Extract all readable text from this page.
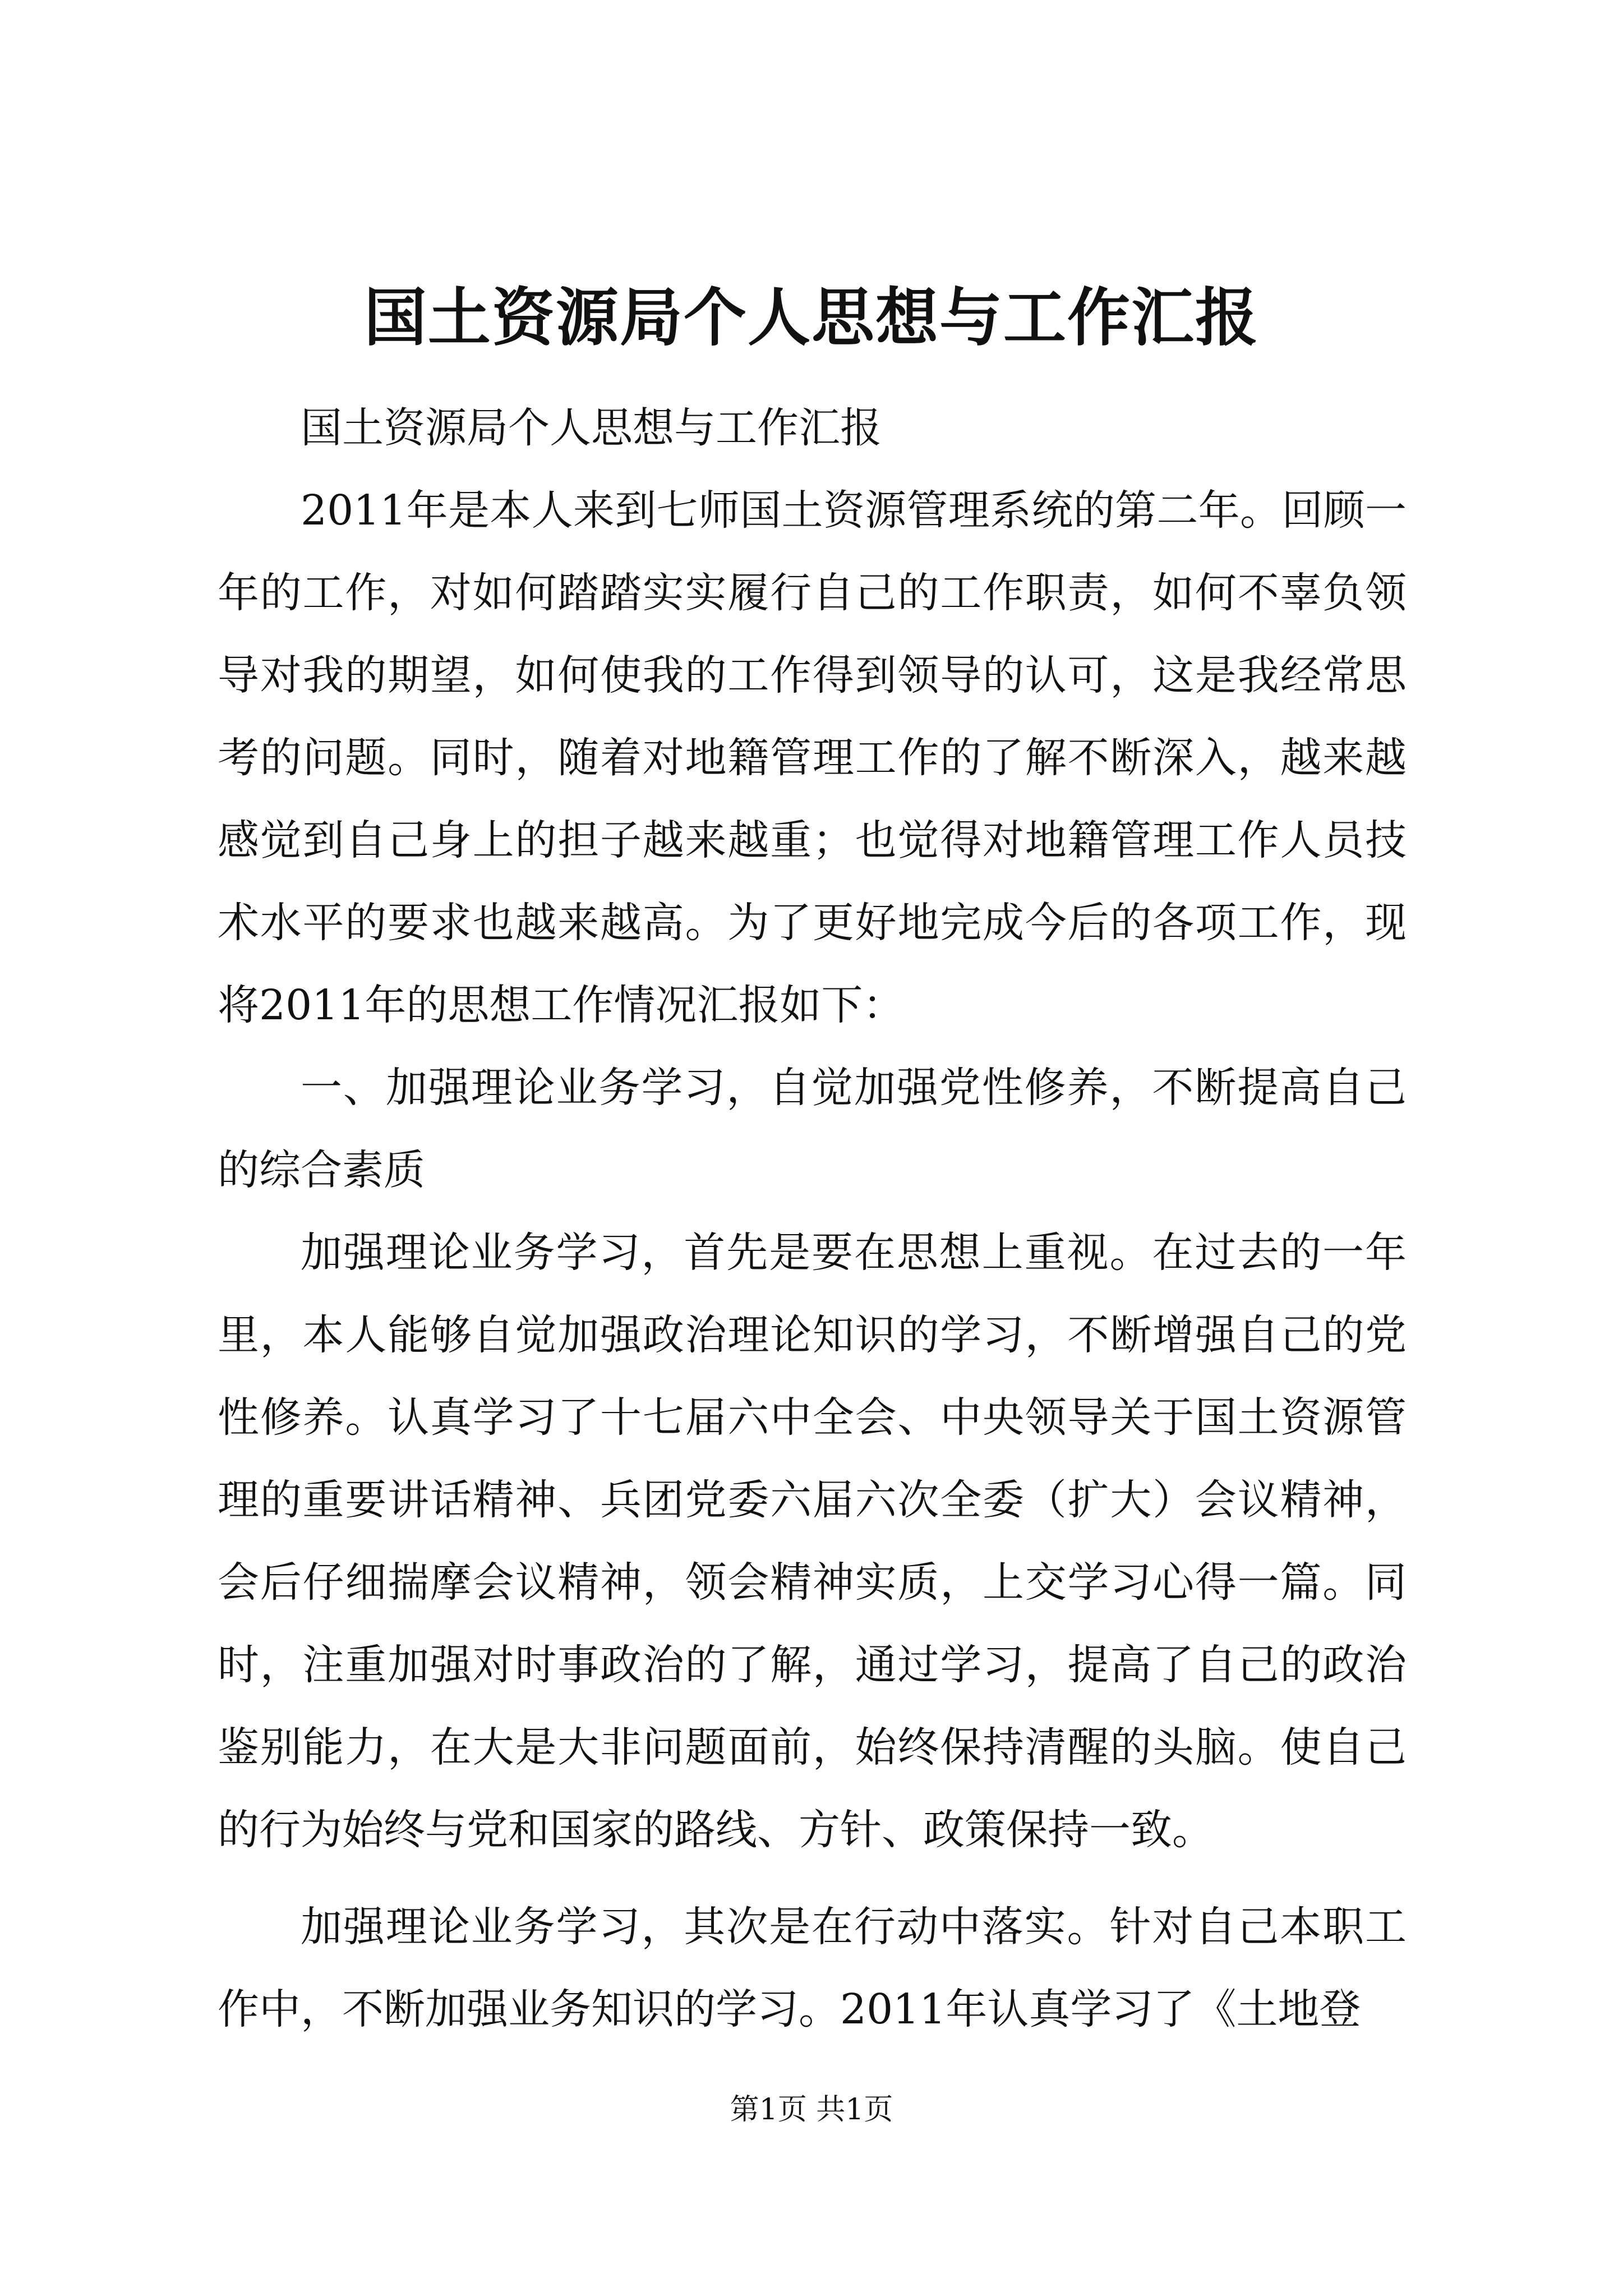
国土资源局个人思想与工作汇报

国土资源局个人思想与工作汇报

2011年是本人来到七师国土资源管理系统的第二年。回顾一年的工作，对如何踏踏实实履行自己的工作职责，如何不辜负领导对我的期望，如何使我的工作得到领导的认可，这是我经常思考的问题。同时，随着对地籍管理工作的了解不断深入，越来越感觉到自己身上的担子越来越重；也觉得对地籍管理工作人员技术水平的要求也越来越高。为了更好地完成今后的各项工作，现将2011年的思想工作情况汇报如下：

一、加强理论业务学习，自觉加强党性修养，不断提高自己的综合素质

加强理论业务学习，首先是要在思想上重视。在过去的一年里，本人能够自觉加强政治理论知识的学习，不断增强自己的党性修养。认真学习了十七届六中全会、中央领导关于国土资源管理的重要讲话精神、兵团党委六届六次全委（扩大）会议精神，会后仔细揣摩会议精神，领会精神实质，上交学习心得一篇。同时，注重加强对时事政治的了解，通过学习，提高了自己的政治鉴别能力，在大是大非问题面前，始终保持清醒的头脑。使自己的行为始终与党和国家的路线、方针、政策保持一致。

加强理论业务学习，其次是在行动中落实。针对自己本职工作中，不断加强业务知识的学习。2011年认真学习了《土地登

第1页 共1页
